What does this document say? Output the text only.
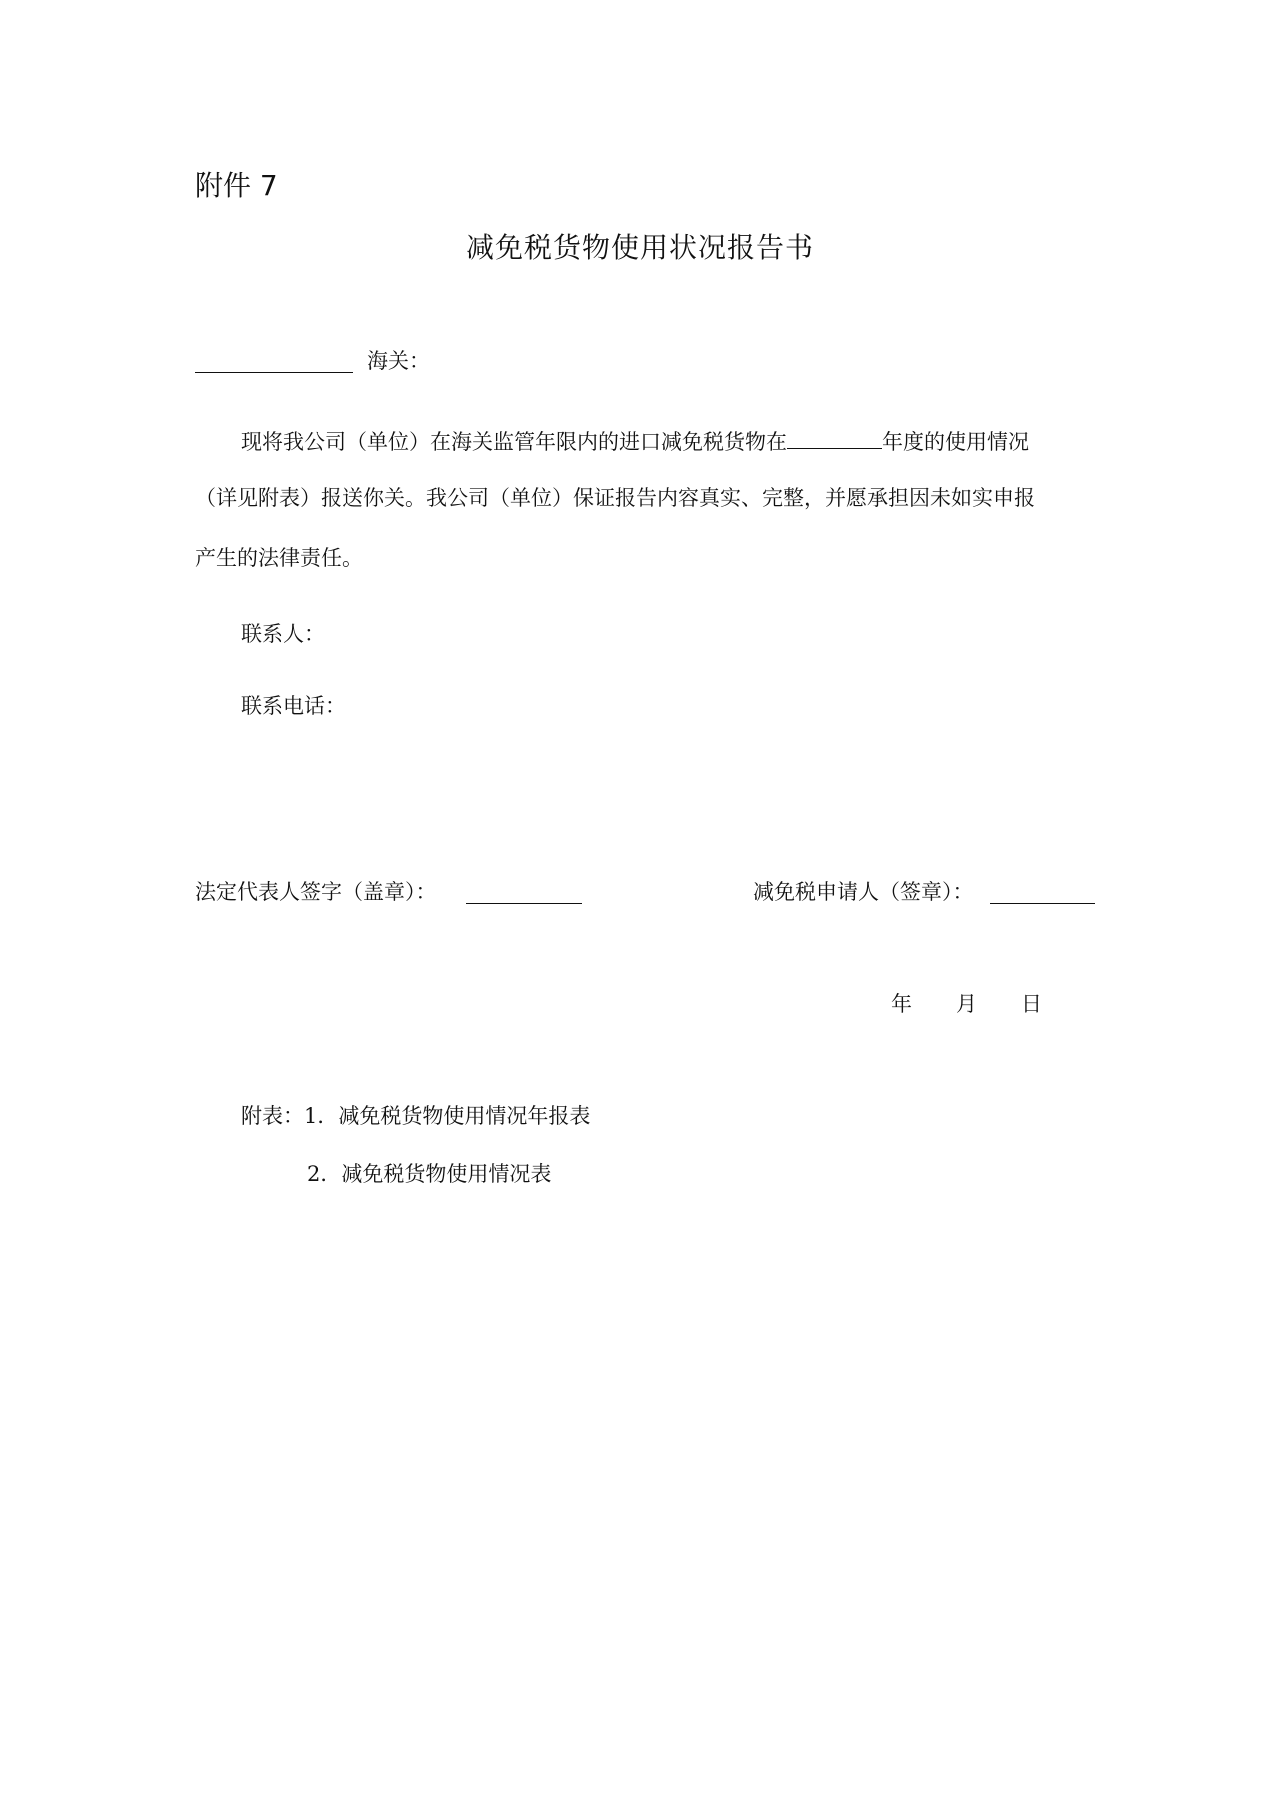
附件 7
减免税货物使用状况报告书
海关：
现将我公司（单位）在海关监管年限内的进口减免税货物在	年度的使用情况
（详见附表）报送你关。我公司（单位）保证报告内容真实、完整，并愿承担因未如实申报
产生的法律责任。
联系人：
联系电话：
法定代表人签字（盖章）：	减免税申请人（签章）：
年 月 日
附表：1．减免税货物使用情况年报表
2．减免税货物使用情况表
